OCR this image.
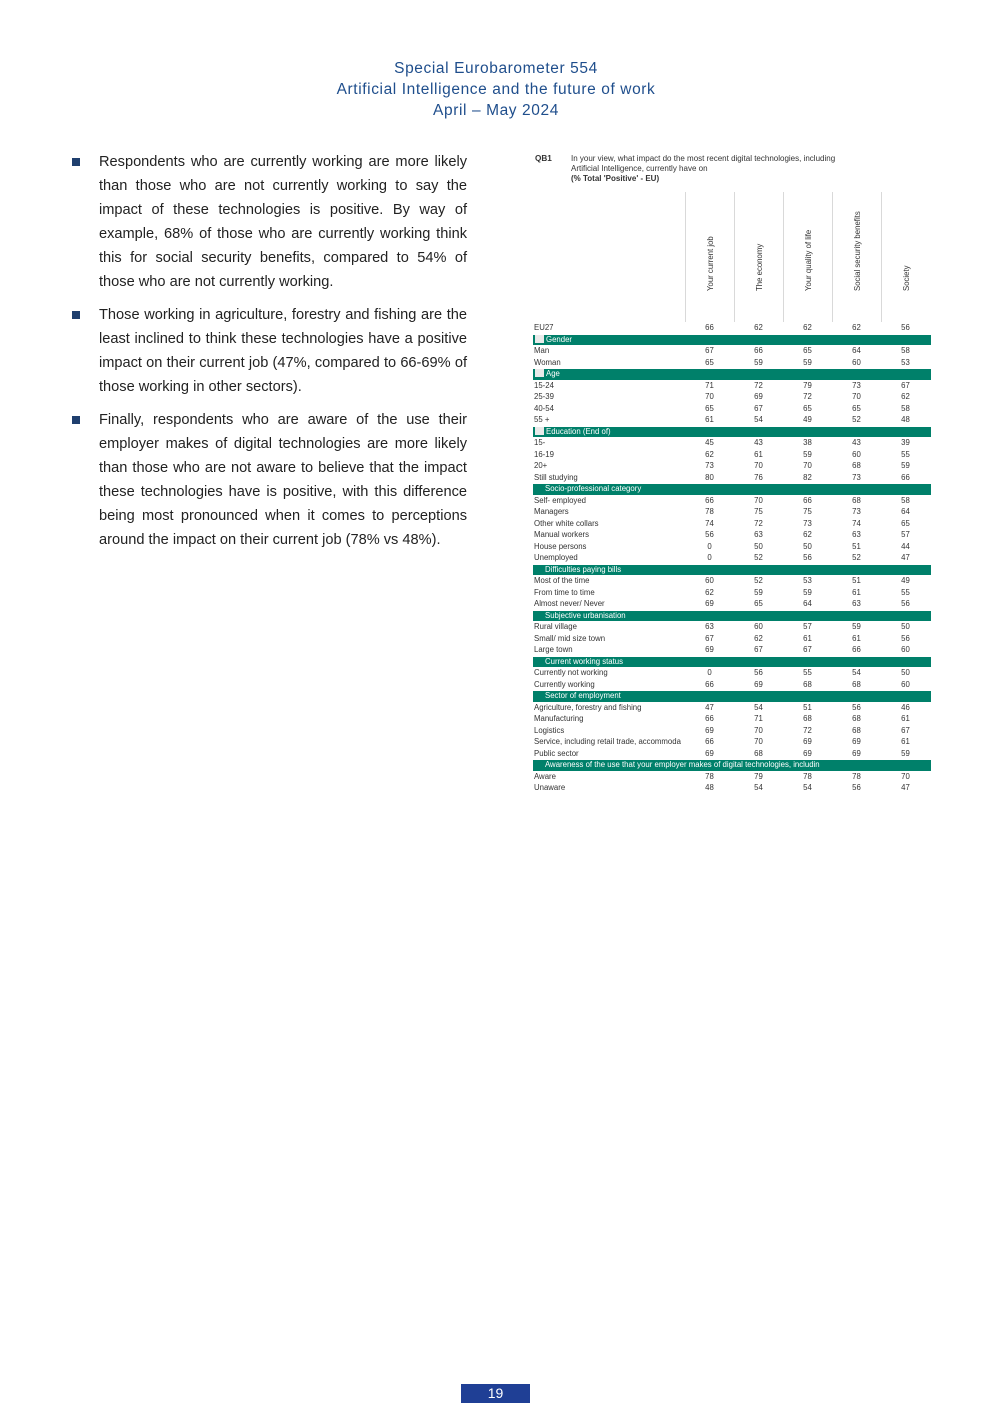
Special Eurobarometer 554
Artificial Intelligence and the future of work
April – May 2024
Respondents who are currently working are more likely than those who are not currently working to say the impact of these technologies is positive. By way of example, 68% of those who are currently working think this for social security benefits, compared to 54% of those who are not currently working.
Those working in agriculture, forestry and fishing are the least inclined to think these technologies have a positive impact on their current job (47%, compared to 66-69% of those working in other sectors).
Finally, respondents who are aware of the use their employer makes of digital technologies are more likely than those who are not aware to believe that the impact these technologies have is positive, with this difference being most pronounced when it comes to perceptions around the impact on their current job (78% vs 48%).
QB1 In your view, what impact do the most recent digital technologies, including Artificial Intelligence, currently have on
(% Total 'Positive' - EU)
Your current job	The economy	Your quality of life	Social security benefits	Society
EU27	66	62	62	62	56
Gender
Man	67	66	65	64	58
Woman	65	59	59	60	53
Age
15-24	71	72	79	73	67
25-39	70	69	72	70	62
40-54	65	67	65	65	58
55 +	61	54	49	52	48
Education (End of)
15-	45	43	38	43	39
16-19	62	61	59	60	55
20+	73	70	70	68	59
Still studying	80	76	82	73	66
Socio-professional category
Self- employed	66	70	66	68	58
Managers	78	75	75	73	64
Other white collars	74	72	73	74	65
Manual workers	56	63	62	63	57
House persons	0	50	50	51	44
Unemployed	0	52	56	52	47
Difficulties paying bills
Most of the time	60	52	53	51	49
From time to time	62	59	59	61	55
Almost never/ Never	69	65	64	63	56
Subjective urbanisation
Rural village	63	60	57	59	50
Small/ mid size town	67	62	61	61	56
Large town	69	67	67	66	60
Current working status
Currently not working	0	56	55	54	50
Currently working	66	69	68	68	60
Sector of employment
Agriculture, forestry and fishing	47	54	51	56	46
Manufacturing	66	71	68	68	61
Logistics	69	70	72	68	67
Service, including retail trade, accommoda	66	70	69	69	61
Public sector	69	68	69	69	59
Awareness of the use that your employer makes of digital technologies, includin
Aware	78	79	78	78	70
Unaware	48	54	54	56	47
19
